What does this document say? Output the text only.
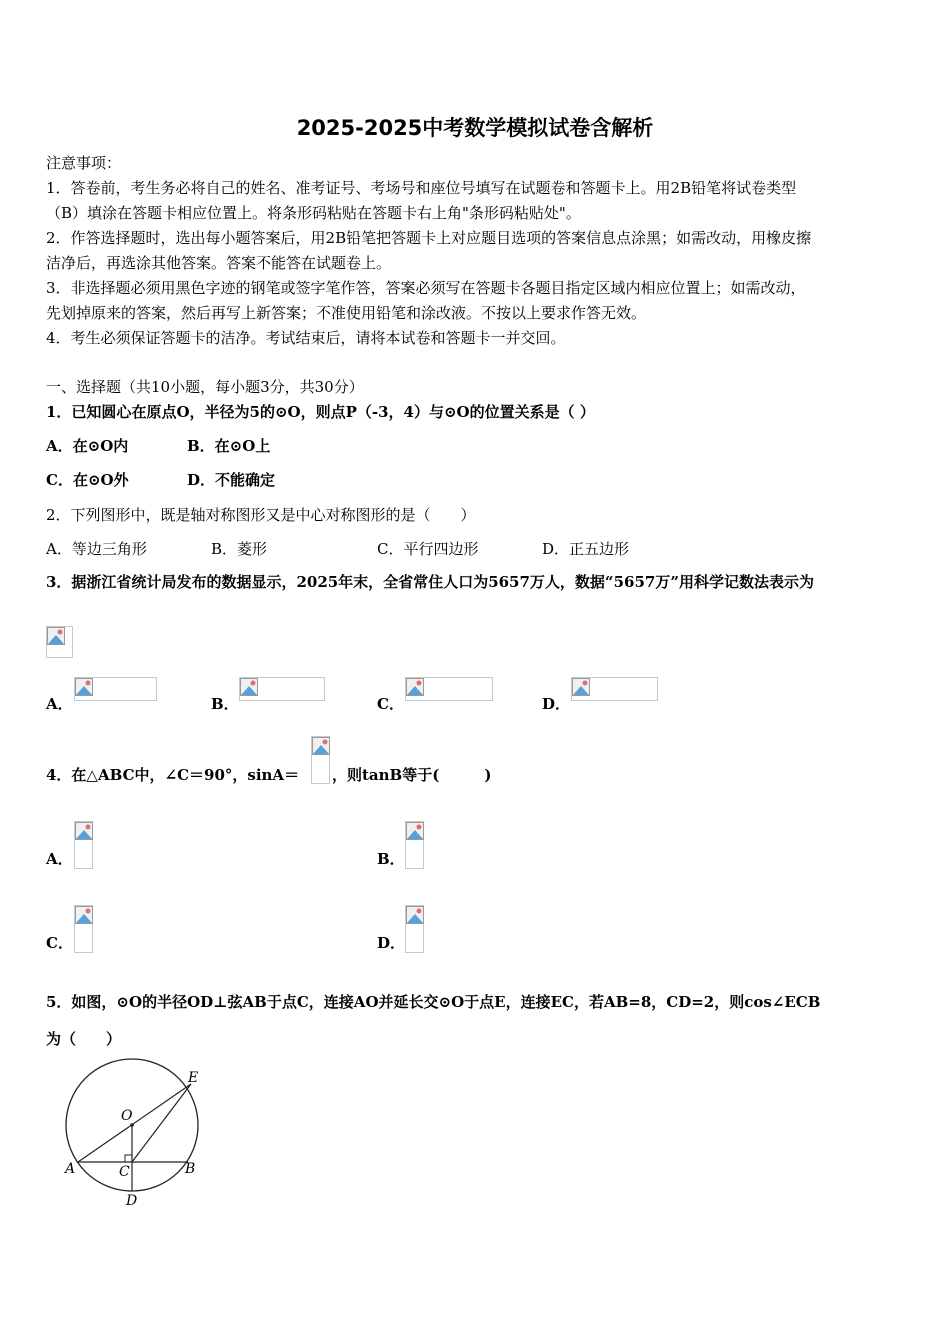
2025-2025中考数学模拟试卷含解析
注意事项：
1．答卷前，考生务必将自己的姓名、准考证号、考场号和座位号填写在试题卷和答题卡上。用2B铅笔将试卷类型
（B）填涂在答题卡相应位置上。将条形码粘贴在答题卡右上角"条形码粘贴处"。
2．作答选择题时，选出每小题答案后，用2B铅笔把答题卡上对应题目选项的答案信息点涂黑；如需改动，用橡皮擦
洁净后，再选涂其他答案。答案不能答在试题卷上。
3．非选择题必须用黑色字迹的钢笔或签字笔作答，答案必须写在答题卡各题目指定区域内相应位置上；如需改动，
先划掉原来的答案，然后再写上新答案；不准使用铅笔和涂改液。不按以上要求作答无效。
4．考生必须保证答题卡的洁净。考试结束后，请将本试卷和答题卡一并交回。
一、选择题（共10小题，每小题3分，共30分）
1．已知圆心在原点O，半径为5的⊙O，则点P（-3，4）与⊙O的位置关系是（ ）
A．在⊙O内	B．在⊙O上
C．在⊙O外	D．不能确定
2．下列图形中，既是轴对称图形又是中心对称图形的是（　　）
A．等边三角形	B．菱形	C．平行四边形	D．正五边形
3．据浙江省统计局发布的数据显示，2025年末，全省常住人口为5657万人，数据“5657万”用科学记数法表示为
A．	B．	C．	D．
4．在△ABC中，∠C＝90°，sinA＝ ，则tanB等于(　　　)
A．	B．
C．	D．
5．如图，⊙O的半径OD⊥弦AB于点C，连接AO并延长交⊙O于点E，连接EC，若AB=8，CD=2，则cos∠ECB
为（　　）
O
E
A	B
C
D
